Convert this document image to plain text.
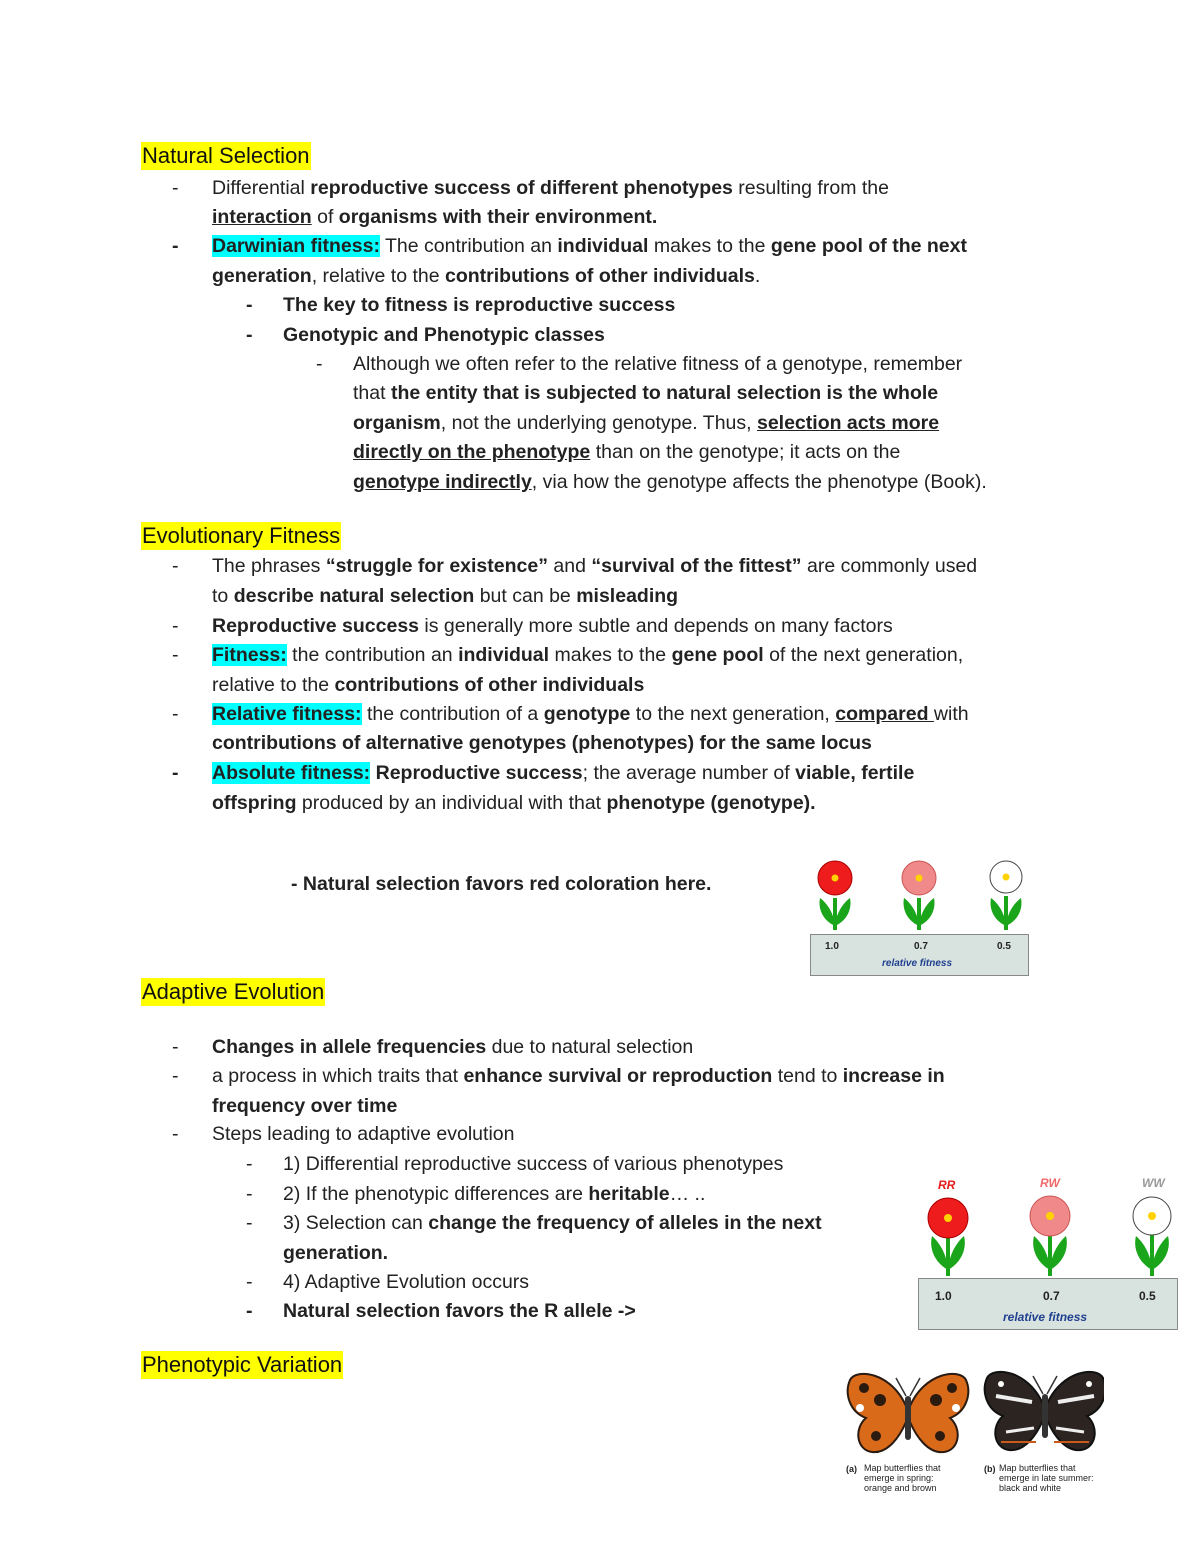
Natural Selection
- Differential reproductive success of different phenotypes resulting from the
interaction of organisms with their environment.
- Darwinian fitness: The contribution an individual makes to the gene pool of the next
generation, relative to the contributions of other individuals.
- The key to fitness is reproductive success
- Genotypic and Phenotypic classes
- Although we often refer to the relative fitness of a genotype, remember
that the entity that is subjected to natural selection is the whole
organism, not the underlying genotype. Thus, selection acts more
directly on the phenotype than on the genotype; it acts on the
genotype indirectly, via how the genotype affects the phenotype (Book).
Evolutionary Fitness
- The phrases “struggle for existence” and “survival of the fittest” are commonly used
to describe natural selection but can be misleading
- Reproductive success is generally more subtle and depends on many factors
- Fitness: the contribution an individual makes to the gene pool of the next generation,
relative to the contributions of other individuals
- Relative fitness: the contribution of a genotype to the next generation, compared with
contributions of alternative genotypes (phenotypes) for the same locus
- Absolute fitness: Reproductive success; the average number of viable, fertile
offspring produced by an individual with that phenotype (genotype).
- Natural selection favors red coloration here.
1.0	0.7	0.5
relative fitness
Adaptive Evolution
- Changes in allele frequencies due to natural selection
- a process in which traits that enhance survival or reproduction tend to increase in
frequency over time
- Steps leading to adaptive evolution
- 1) Differential reproductive success of various phenotypes
- 2) If the phenotypic differences are heritable… ..
- 3) Selection can change the frequency of alleles in the next
generation.
- 4) Adaptive Evolution occurs
- Natural selection favors the R allele ->
RR	RW	WW
1.0	0.7	0.5
relative fitness
Phenotypic Variation
(a) Map butterflies that emerge in spring: orange and brown
(b) Map butterflies that emerge in late summer: black and white
